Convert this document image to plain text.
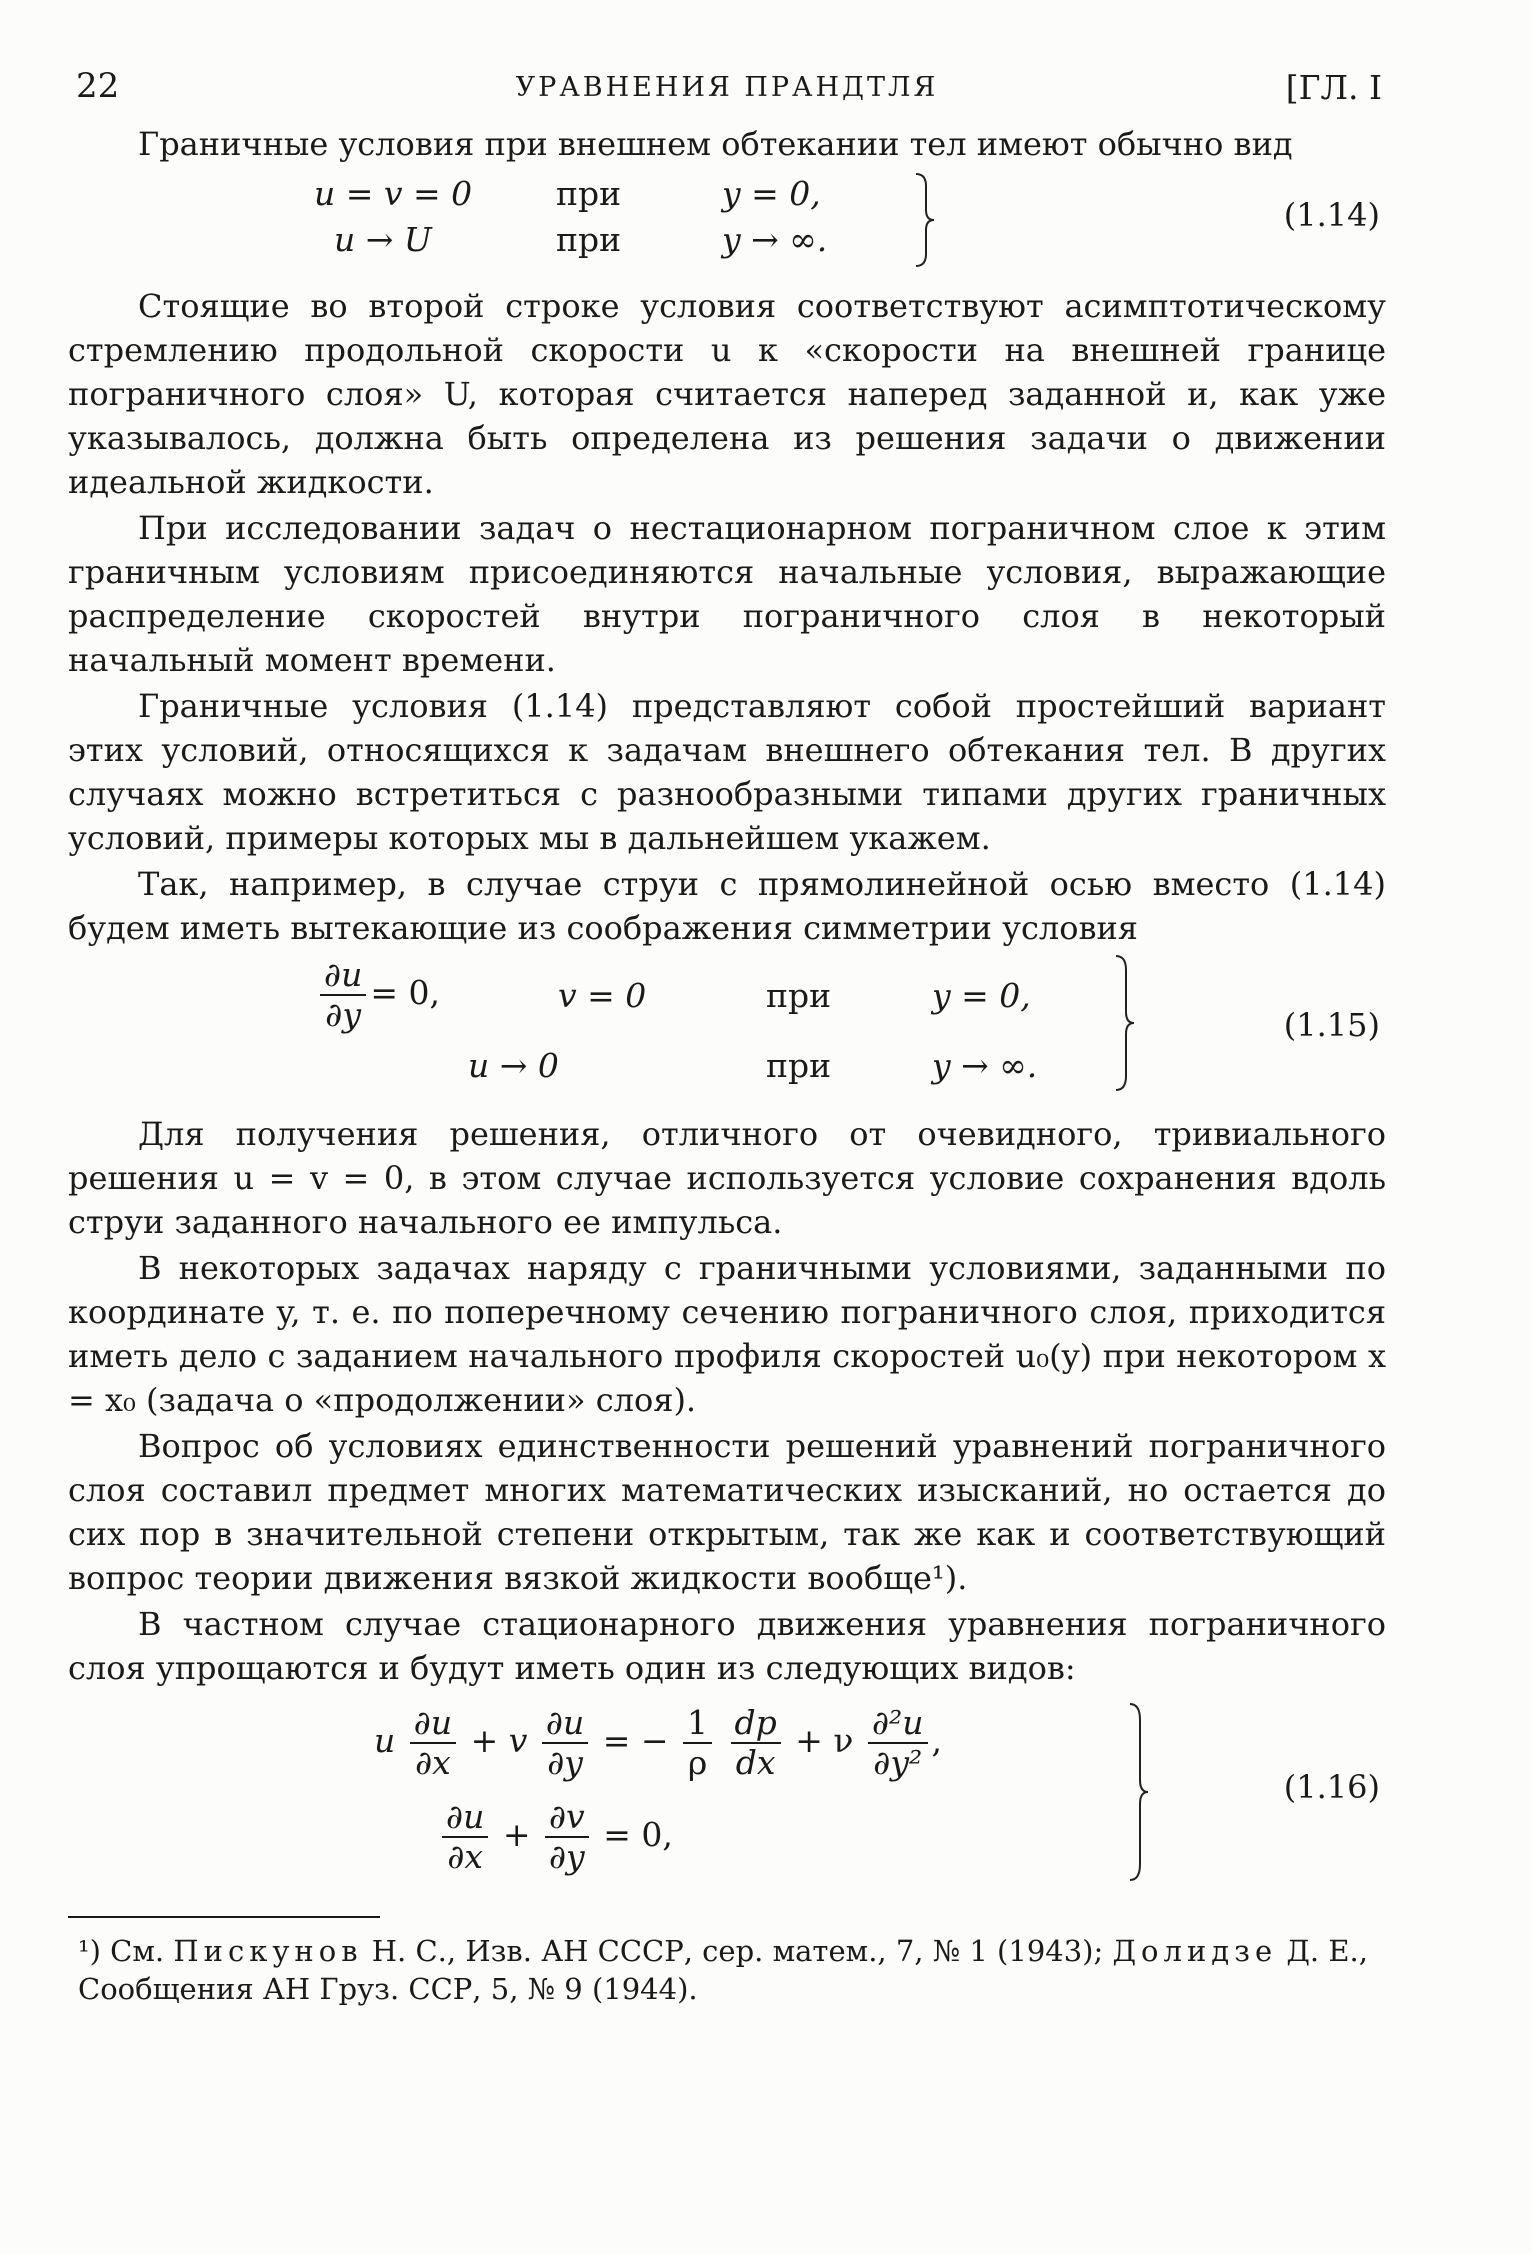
22	УРАВНЕНИЯ ПРАНДТЛЯ	[ГЛ. I

Граничные условия при внешнем обтекании тел имеют обычно вид

u = v = 0	при	y = 0,
u → U	при	y → ∞.
(1.14)

Стоящие во второй строке условия соответствуют асимптотическому стремлению продольной скорости u к «скорости на внешней границе пограничного слоя» U, которая считается наперед заданной и, как уже указывалось, должна быть определена из решения задачи о движении идеальной жидкости.

При исследовании задач о нестационарном пограничном слое к этим граничным условиям присоединяются начальные условия, выражающие распределение скоростей внутри пограничного слоя в некоторый начальный момент времени.

Граничные условия (1.14) представляют собой простейший вариант этих условий, относящихся к задачам внешнего обтекания тел. В других случаях можно встретиться с разнообразными типами других граничных условий, примеры которых мы в дальнейшем укажем.

Так, например, в случае струи с прямолинейной осью вместо (1.14) будем иметь вытекающие из соображения симметрии условия

$\frac{\partial u}{\partial y} = 0$,	v = 0	при	y = 0,
u → 0	при	y → ∞.
(1.15)

Для получения решения, отличного от очевидного, тривиального решения u = v = 0, в этом случае используется условие сохранения вдоль струи заданного начального ее импульса.

В некоторых задачах наряду с граничными условиями, заданными по координате y, т. е. по поперечному сечению пограничного слоя, приходится иметь дело с заданием начального профиля скоростей u₀(y) при некотором x = x₀ (задача о «продолжении» слоя).

Вопрос об условиях единственности решений уравнений пограничного слоя составил предмет многих математических изысканий, но остается до сих пор в значительной степени открытым, так же как и соответствующий вопрос теории движения вязкой жидкости вообще¹).

В частном случае стационарного движения уравнения пограничного слоя упрощаются и будут иметь один из следующих видов:

u $\frac{\partial u}{\partial x} + v \frac{\partial u}{\partial y}$ = − $\frac{1}{\rho}$
$\frac{dp}{dx} + \nu \frac{\text{∂²u}}{\text{∂y²}}$ ,
$\frac{\partial u}{\partial x} + \frac{\partial v}{\partial y} = 0$,
(1.16)
¹) См. Пискунов Н. С., Изв. АН СССР, сер. матем., 7, № 1 (1943); Долидзе Д. Е., Сообщения АН Груз. ССР, 5, № 9 (1944).
